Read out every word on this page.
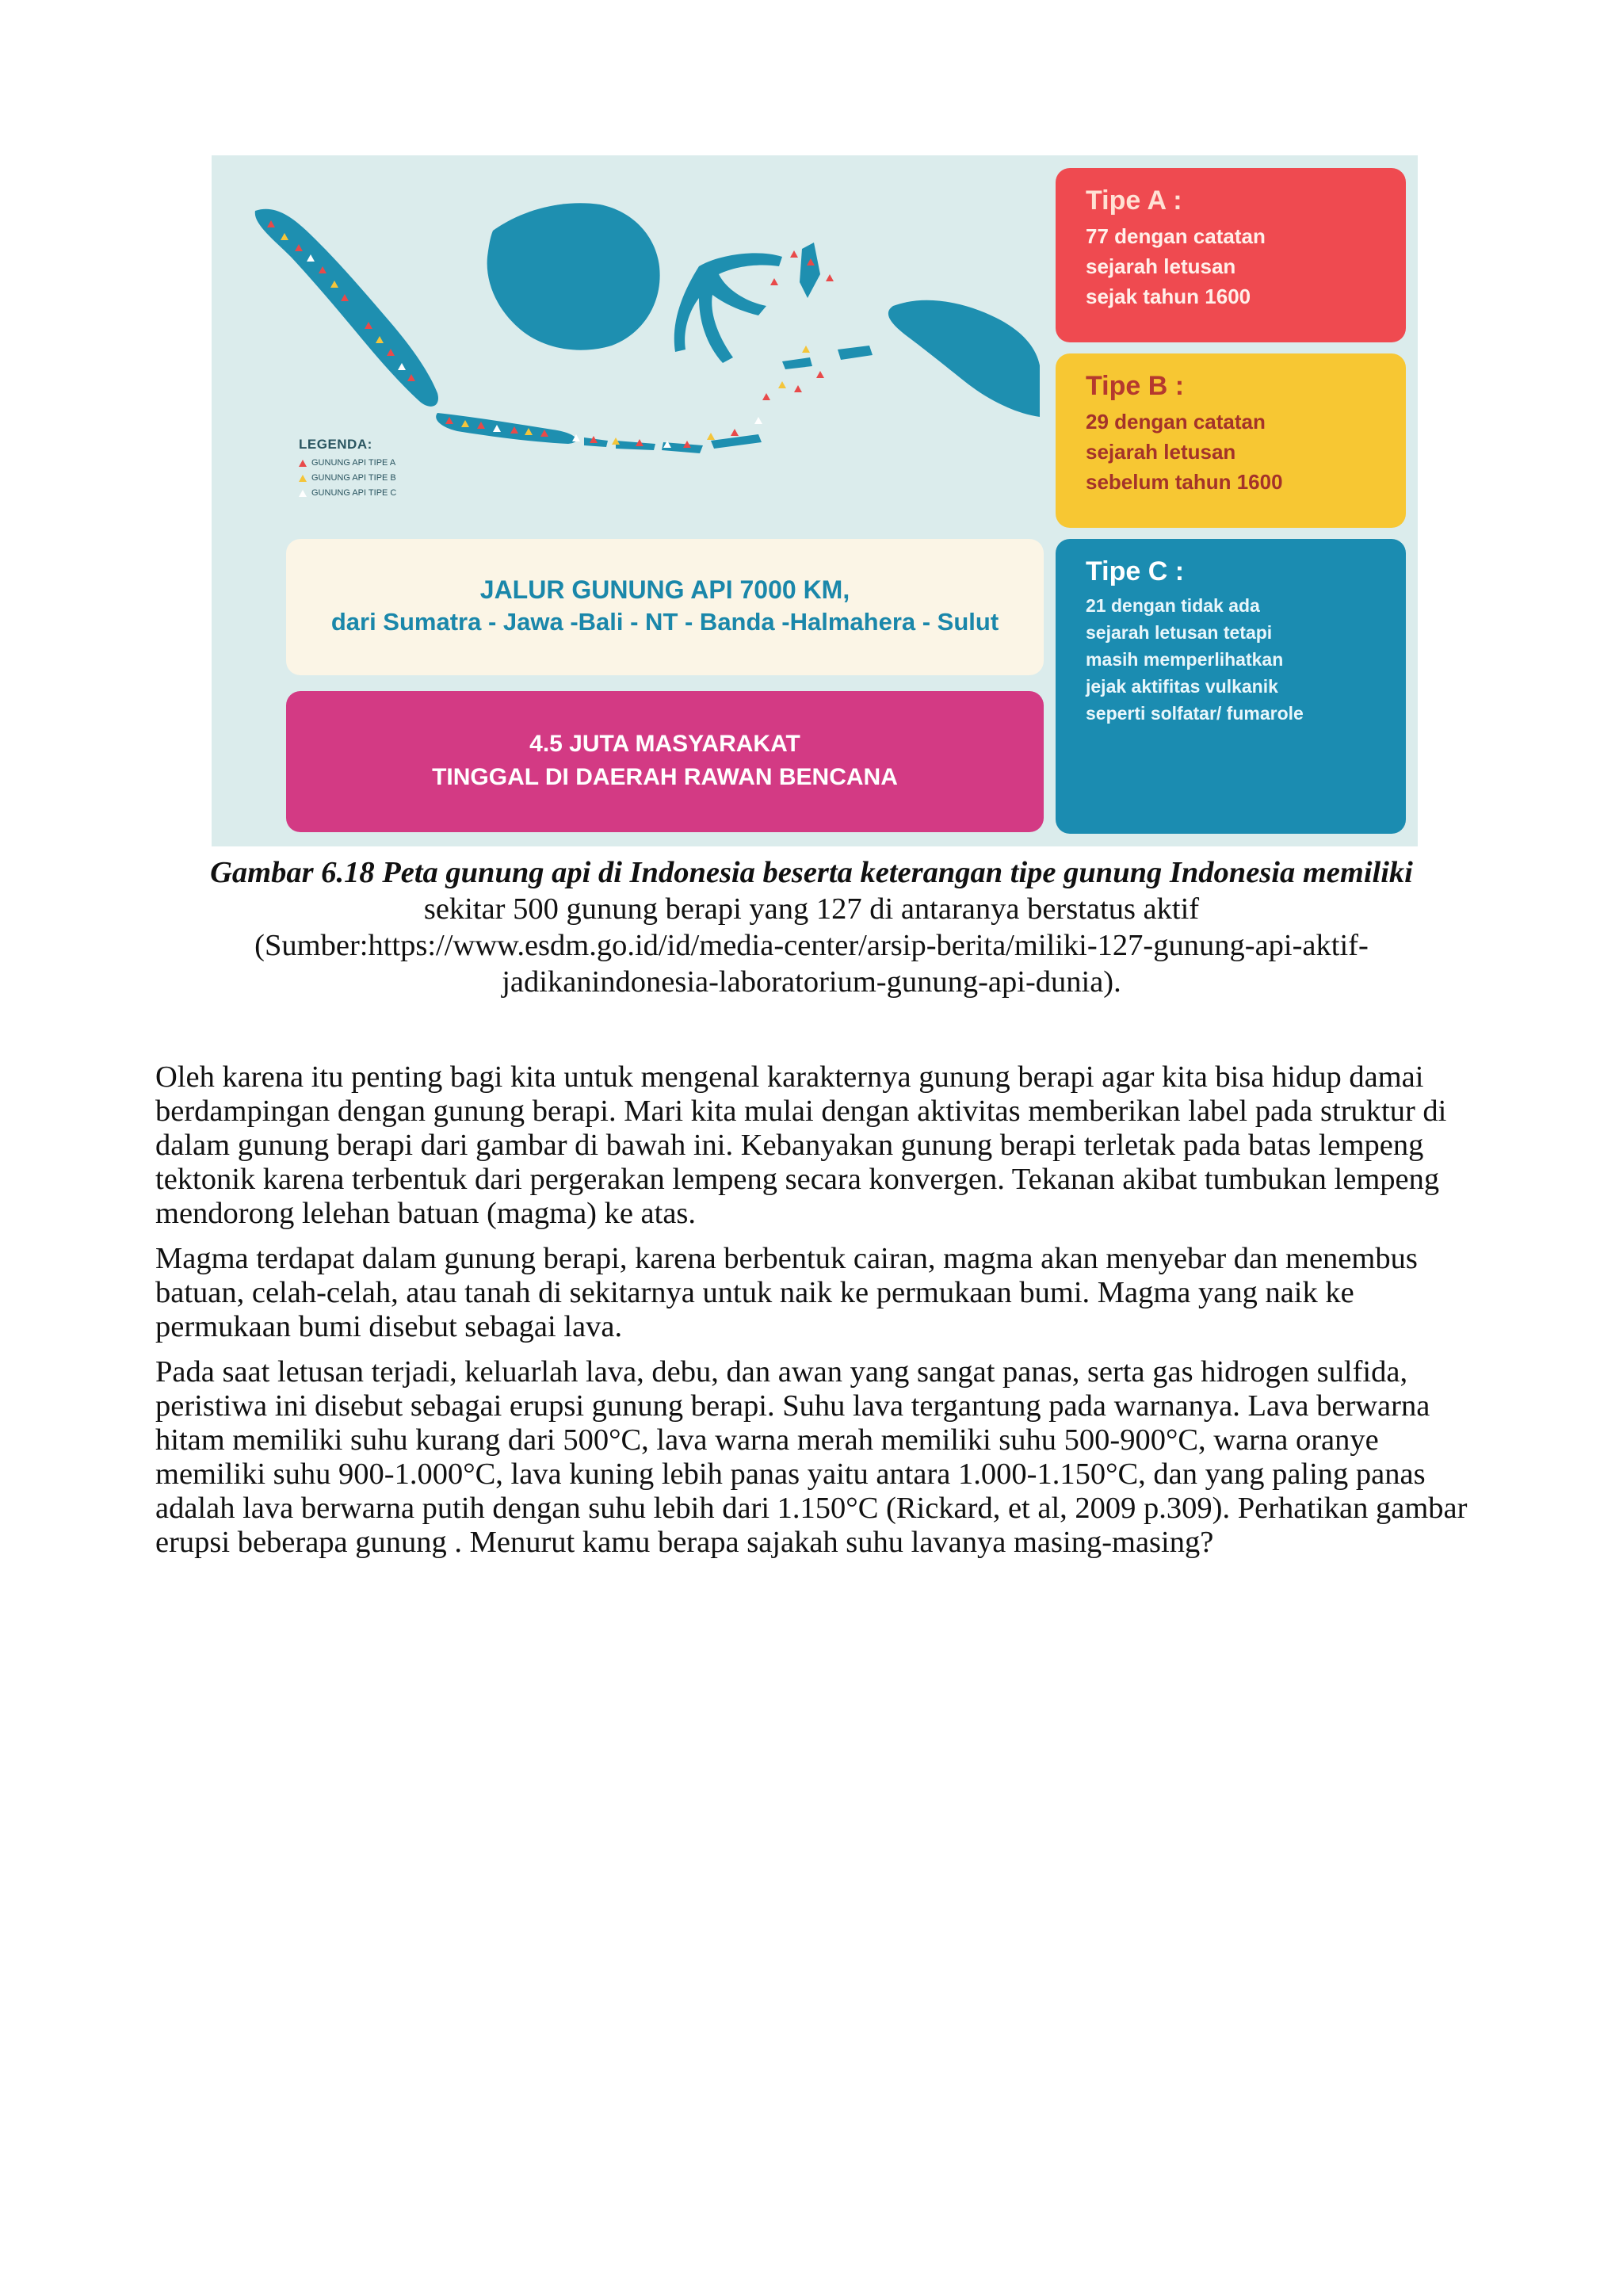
LEGENDA:
GUNUNG API TIPE A
GUNUNG API TIPE B
GUNUNG API TIPE C
Tipe A :
77 dengan catatan
sejarah letusan
sejak tahun 1600
Tipe B :
29 dengan catatan
sejarah letusan
sebelum tahun 1600
Tipe C :
21 dengan tidak ada
sejarah letusan tetapi
masih memperlihatkan
jejak aktifitas vulkanik
seperti solfatar/ fumarole
JALUR GUNUNG API 7000 KM,
dari Sumatra - Jawa -Bali - NT - Banda -Halmahera - Sulut
4.5 JUTA MASYARAKAT
TINGGAL DI DAERAH RAWAN BENCANA
Gambar 6.18 Peta gunung api di Indonesia beserta keterangan tipe gunung Indonesia memiliki
sekitar 500 gunung berapi yang 127 di antaranya berstatus aktif
(Sumber:https://www.esdm.go.id/id/media-center/arsip-berita/miliki-127-gunung-api-aktif-
jadikanindonesia-laboratorium-gunung-api-dunia).

Oleh karena itu penting bagi kita untuk mengenal karakternya gunung berapi agar kita bisa hidup damai berdampingan dengan gunung berapi. Mari kita mulai dengan aktivitas memberikan label pada struktur di dalam gunung berapi dari gambar di bawah ini. Kebanyakan gunung berapi terletak pada batas lempeng tektonik karena terbentuk dari pergerakan lempeng secara konvergen. Tekanan akibat tumbukan lempeng mendorong lelehan batuan (magma) ke atas.

Magma terdapat dalam gunung berapi, karena berbentuk cairan, magma akan menyebar dan menembus batuan, celah-celah, atau tanah di sekitarnya untuk naik ke permukaan bumi. Magma yang naik ke permukaan bumi disebut sebagai lava.

Pada saat letusan terjadi, keluarlah lava, debu, dan awan yang sangat panas, serta gas hidrogen sulfida, peristiwa ini disebut sebagai erupsi gunung berapi. Suhu lava tergantung pada warnanya. Lava berwarna hitam memiliki suhu kurang dari 500°C, lava warna merah memiliki suhu 500-900°C, warna oranye memiliki suhu 900-1.000°C, lava kuning lebih panas yaitu antara 1.000-1.150°C, dan yang paling panas adalah lava berwarna putih dengan suhu lebih dari 1.150°C (Rickard, et al, 2009 p.309). Perhatikan gambar erupsi beberapa gunung . Menurut kamu berapa sajakah suhu lavanya masing-masing?
